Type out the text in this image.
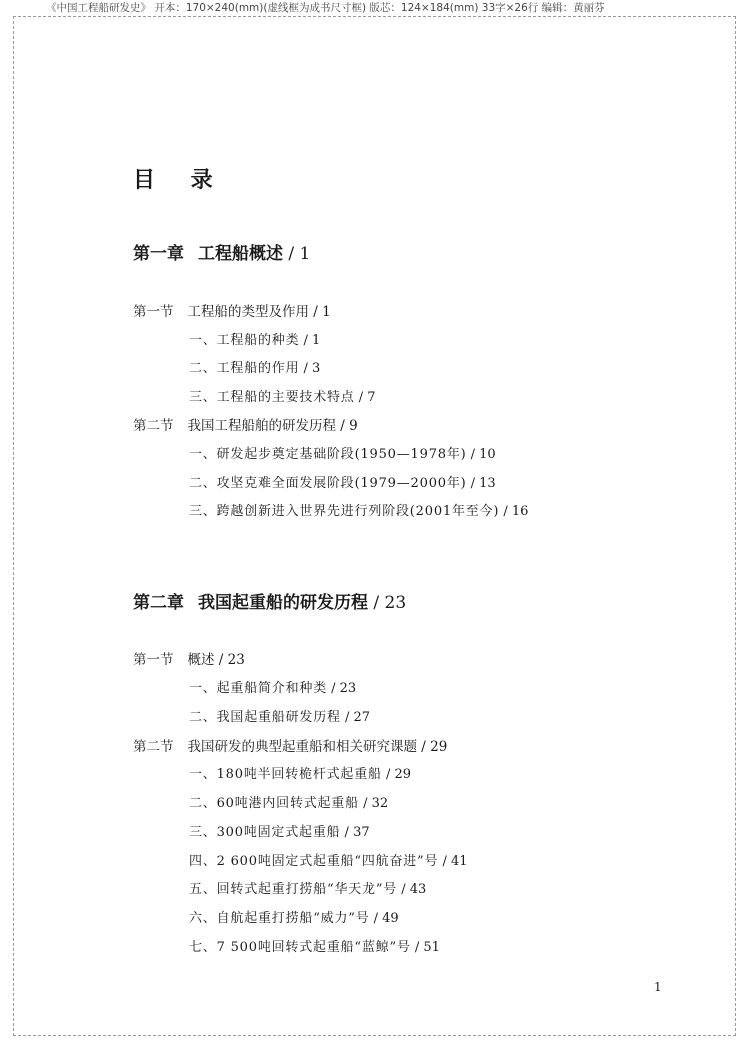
《中国工程船研发史》 开本：170×240(mm)(虚线框为成书尺寸框) 版芯：124×184(mm) 33字×26行 编辑：黄丽芬
目 录
第一章 工程船概述 / 1
第一节 工程船的类型及作用 / 1
一、工程船的种类 / 1
二、工程船的作用 / 3
三、工程船的主要技术特点 / 7
第二节 我国工程船舶的研发历程 / 9
一、研发起步奠定基础阶段(1950—1978年) / 10
二、攻坚克难全面发展阶段(1979—2000年) / 13
三、跨越创新进入世界先进行列阶段(2001年至今) / 16
第二章 我国起重船的研发历程 / 23
第一节 概述 / 23
一、起重船简介和种类 / 23
二、我国起重船研发历程 / 27
第二节 我国研发的典型起重船和相关研究课题 / 29
一、180吨半回转桅杆式起重船 / 29
二、60吨港内回转式起重船 / 32
三、300吨固定式起重船 / 37
四、2 600吨固定式起重船“四航奋进”号 / 41
五、回转式起重打捞船“华天龙”号 / 43
六、自航起重打捞船“威力”号 / 49
七、7 500吨回转式起重船“蓝鲸”号 / 51
1
